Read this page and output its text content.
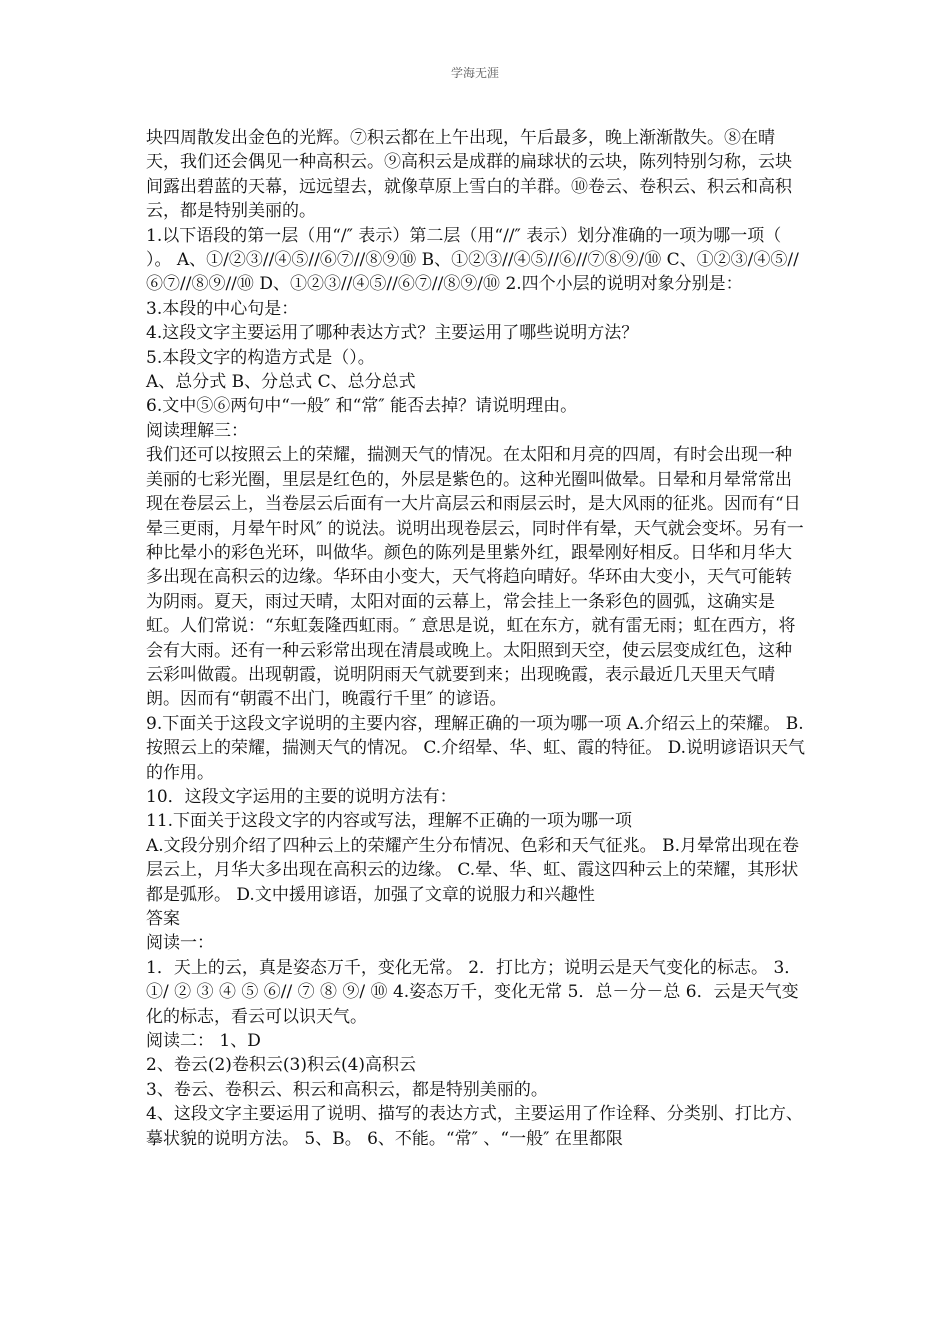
学海无涯

块四周散发出金色的光辉。⑦积云都在上午出现，午后最多，晚上渐渐散失。⑧在晴天，我们还会偶见一种高积云。⑨高积云是成群的扁球状的云块，陈列特别匀称，云块间露出碧蓝的天幕，远远望去，就像草原上雪白的羊群。⑩卷云、卷积云、积云和高积云，都是特别美丽的。

1.以下语段的第一层（用“/″ 表示）第二层（用“//″ 表示）划分准确的一项为哪一项（ ）。 A、①/②③//④⑤//⑥⑦//⑧⑨⑩ B、①②③//④⑤//⑥//⑦⑧⑨/⑩ C、①②③/④⑤//⑥⑦//⑧⑨//⑩ D、①②③//④⑤//⑥⑦//⑧⑨/⑩ 2.四个小层的说明对象分别是：

3.本段的中心句是：

4.这段文字主要运用了哪种表达方式？主要运用了哪些说明方法？

5.本段文字的构造方式是（）。

A、总分式 B、分总式 C、总分总式

6.文中⑤⑥两句中“一般″ 和“常″ 能否去掉？请说明理由。

阅读理解三：

我们还可以按照云上的荣耀，揣测天气的情况。在太阳和月亮的四周，有时会出现一种美丽的七彩光圈，里层是红色的，外层是紫色的。这种光圈叫做晕。日晕和月晕常常出现在卷层云上，当卷层云后面有一大片高层云和雨层云时，是大风雨的征兆。因而有“日晕三更雨，月晕午时风″ 的说法。说明出现卷层云，同时伴有晕，天气就会变坏。另有一种比晕小的彩色光环，叫做华。颜色的陈列是里紫外红，跟晕刚好相反。日华和月华大多出现在高积云的边缘。华环由小变大，天气将趋向晴好。华环由大变小，天气可能转为阴雨。夏天，雨过天晴，太阳对面的云幕上，常会挂上一条彩色的圆弧，这确实是虹。人们常说：“东虹轰隆西虹雨。″ 意思是说，虹在东方，就有雷无雨；虹在西方，将会有大雨。还有一种云彩常出现在清晨或晚上。太阳照到天空，使云层变成红色，这种云彩叫做霞。出现朝霞，说明阴雨天气就要到来；出现晚霞，表示最近几天里天气晴朗。因而有“朝霞不出门，晚霞行千里″ 的谚语。

9.下面关于这段文字说明的主要内容，理解正确的一项为哪一项 A.介绍云上的荣耀。 B.按照云上的荣耀，揣测天气的情况。 C.介绍晕、华、虹、霞的特征。 D.说明谚语识天气的作用。

10．这段文字运用的主要的说明方法有：

11.下面关于这段文字的内容或写法，理解不正确的一项为哪一项

A.文段分别介绍了四种云上的荣耀产生分布情况、色彩和天气征兆。 B.月晕常出现在卷层云上，月华大多出现在高积云的边缘。 C.晕、华、虹、霞这四种云上的荣耀，其形状都是弧形。 D.文中援用谚语，加强了文章的说服力和兴趣性

答案

阅读一：

1．天上的云，真是姿态万千，变化无常。 2．打比方；说明云是天气变化的标志。 3．①/ ② ③ ④ ⑤ ⑥// ⑦ ⑧ ⑨/ ⑩ 4.姿态万千，变化无常 5．总－分－总 6．云是天气变化的标志，看云可以识天气。

阅读二： 1、D

2、卷云(2)卷积云(3)积云(4)高积云

3、卷云、卷积云、积云和高积云，都是特别美丽的。

4、这段文字主要运用了说明、描写的表达方式，主要运用了作诠释、分类别、打比方、摹状貌的说明方法。 5、B。 6、不能。“常″ 、“一般″ 在里都限
